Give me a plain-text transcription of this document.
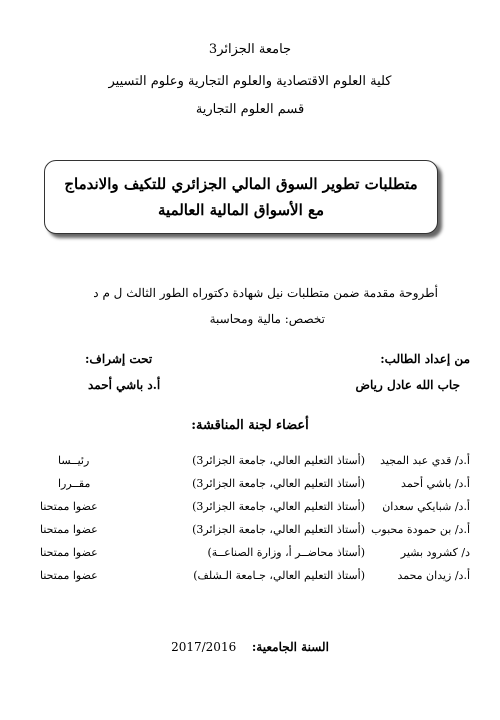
جامعة الجزائر3
كلية العلوم الاقتصادية والعلوم التجارية وعلوم التسيير
قسم العلوم التجارية
متطلبات تطوير السوق المالي الجزائري للتكيف والاندماج
مع الأسواق المالية العالمية
أطروحة مقدمة ضمن متطلبات نيل شهادة دكتوراه الطور الثالث ل م د
تخصص: مالية ومحاسبة
من إعداد الطالب:
جاب الله عادل رياض
تحت إشراف:
أ.د باشي أحمد
أعضاء لجنة المناقشة:
أ.د/ قدي عبد المجيد
(أستاذ التعليم العالي، جامعة الجزائر3)
رئيــسا
أ.د/ باشي أحمد
(أستاذ التعليم العالي، جامعة الجزائر3)
مقــررا
أ.د/ شبايكي سعدان
(أستاذ التعليم العالي، جامعة الجزائر3)
عضوا ممتحنا
أ.د/ بن حمودة محبوب
(أستاذ التعليم العالي، جامعة الجزائر3)
عضوا ممتحنا
د/ كشرود بشير
(أستاذ محاضــر أ، وزارة الصناعــة)
عضوا ممتحنا
أ.د/ زيدان محمد
(أستاذ التعليم العالي، جـامعة الـشلف)
عضوا ممتحنا
السنة الجامعية:  2017/2016
